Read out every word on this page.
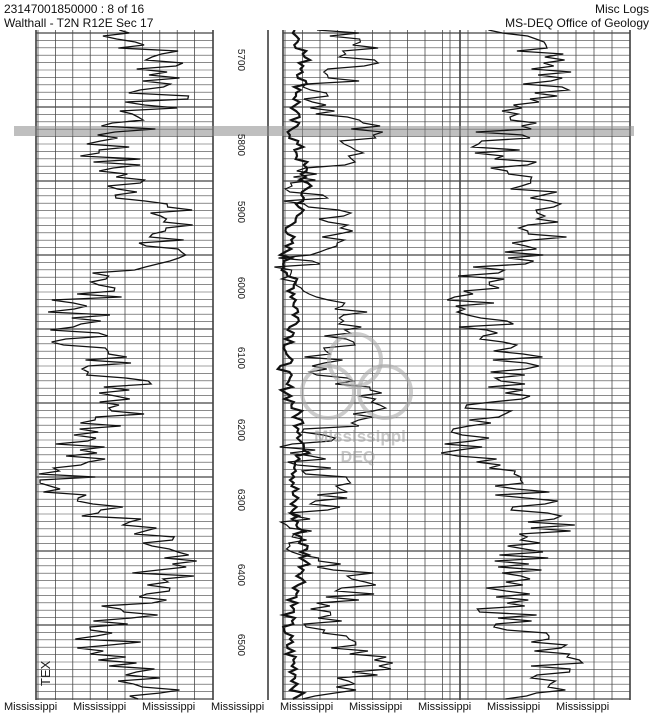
23147001850000 : 8 of 16
Walthall - T2N R12E Sec 17
Misc Logs
MS-DEQ Office of Geology
5700
5800
5900
6000
6100
6200
6300
6400
6500
Mississippi
DEQ
TEX
Mississippi Mississippi Mississippi Mississippi Mississippi Mississippi Mississippi Mississippi Mississippi
